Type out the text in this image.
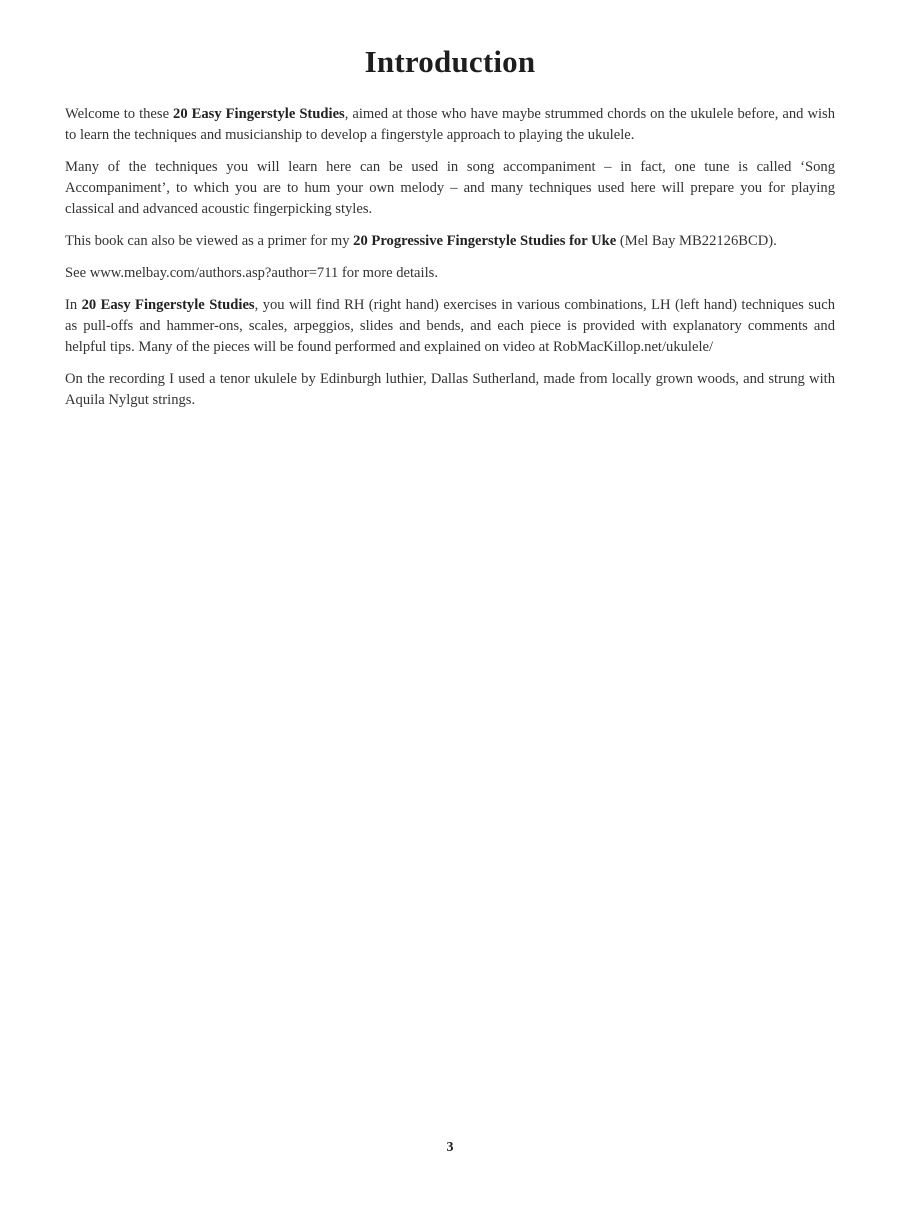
Introduction

Welcome to these 20 Easy Fingerstyle Studies, aimed at those who have maybe strummed chords on the ukulele before, and wish to learn the techniques and musicianship to develop a fingerstyle approach to playing the ukulele.

Many of the techniques you will learn here can be used in song accompaniment – in fact, one tune is called ‘Song Accompaniment’, to which you are to hum your own melody – and many techniques used here will prepare you for playing classical and advanced acoustic fingerpicking styles.

This book can also be viewed as a primer for my 20 Progressive Fingerstyle Studies for Uke (Mel Bay MB22126BCD).

See www.melbay.com/authors.asp?author=711 for more details.

In 20 Easy Fingerstyle Studies, you will find RH (right hand) exercises in various combinations, LH (left hand) techniques such as pull-offs and hammer-ons, scales, arpeggios, slides and bends, and each piece is provided with explanatory comments and helpful tips. Many of the pieces will be found performed and explained on video at RobMacKillop.net/ukulele/

On the recording I used a tenor ukulele by Edinburgh luthier, Dallas Sutherland, made from locally grown woods, and strung with Aquila Nylgut strings.

3
